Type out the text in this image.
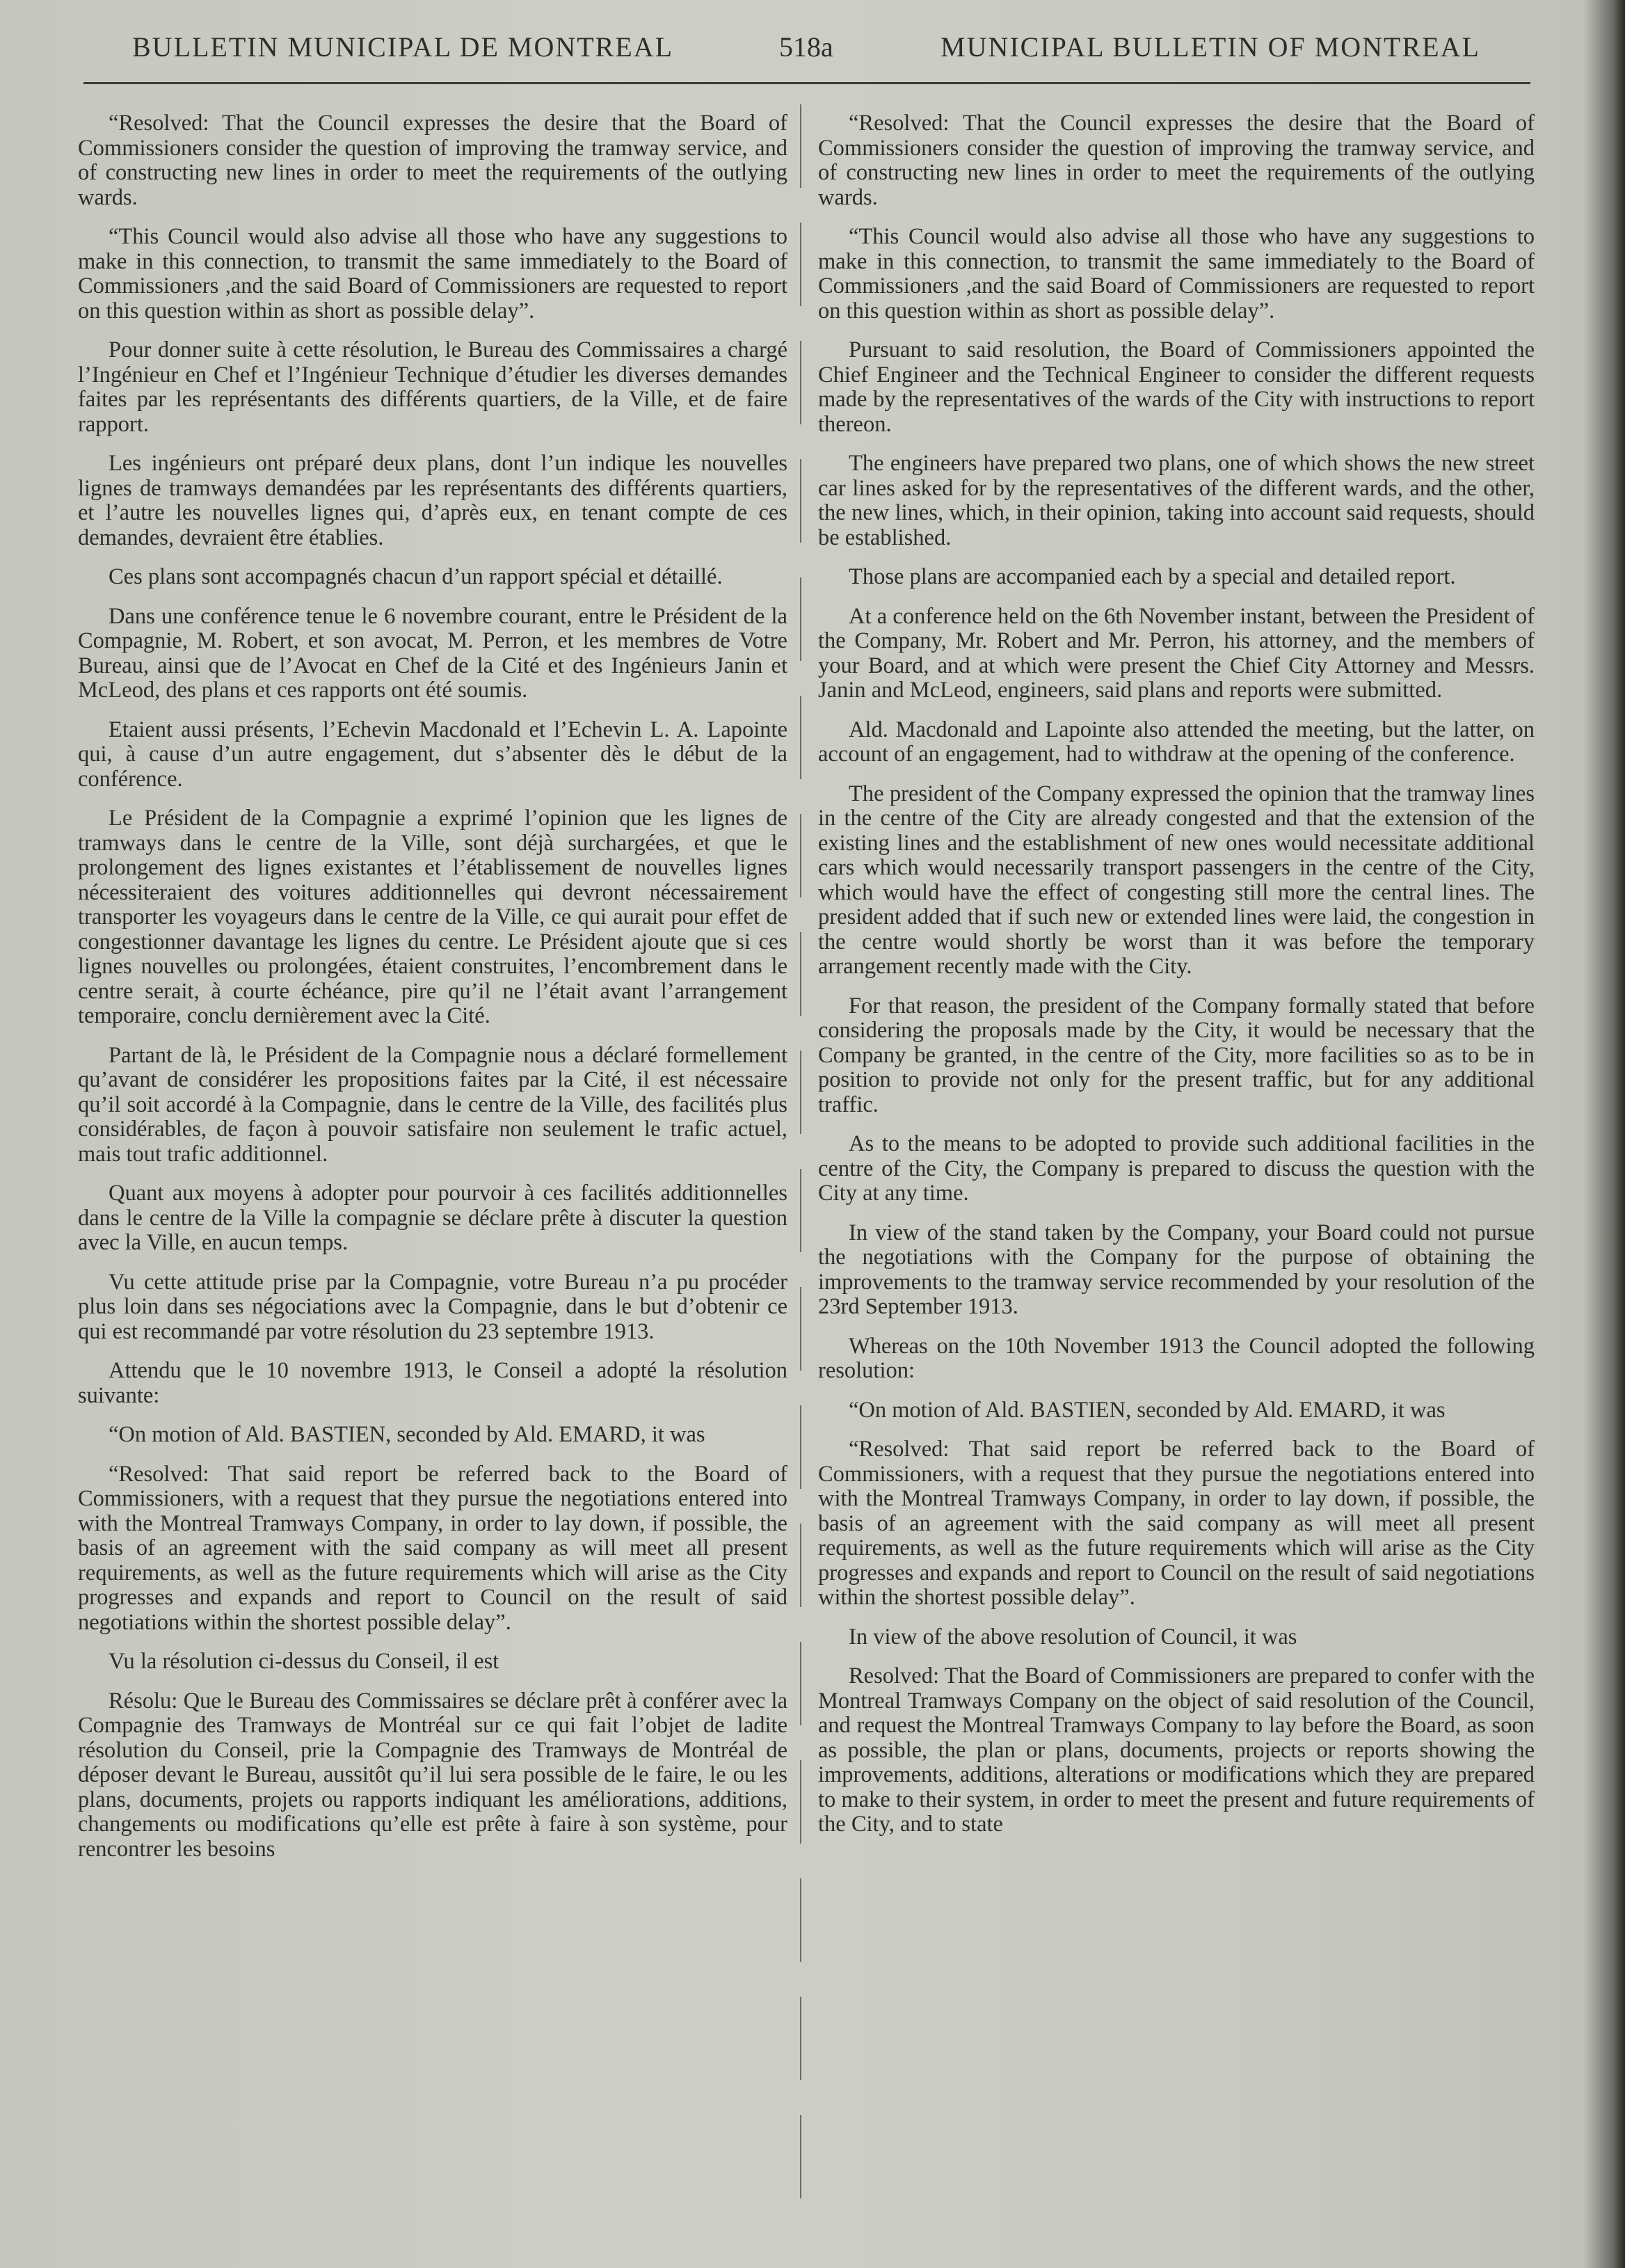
BULLETIN MUNICIPAL DE MONTREAL	518a	MUNICIPAL BULLETIN OF MONTREAL

“Resolved: That the Council expresses the desire that the Board of Commissioners consider the question of improving the tramway service, and of constructing new lines in order to meet the requirements of the outlying wards.

“This Council would also advise all those who have any suggestions to make in this connection, to transmit the same immediately to the Board of Commissioners ,and the said Board of Commissioners are requested to report on this question within as short as possible delay”.

Pour donner suite à cette résolution, le Bureau des Commissaires a chargé l’Ingénieur en Chef et l’Ingénieur Technique d’étudier les diverses demandes faites par les représentants des différents quartiers, de la Ville, et de faire rapport.

Les ingénieurs ont préparé deux plans, dont l’un indique les nouvelles lignes de tramways demandées par les représentants des différents quartiers, et l’autre les nouvelles lignes qui, d’après eux, en tenant compte de ces demandes, devraient être établies.

Ces plans sont accompagnés chacun d’un rapport spécial et détaillé.

Dans une conférence tenue le 6 novembre courant, entre le Président de la Compagnie, M. Robert, et son avocat, M. Perron, et les membres de Votre Bureau, ainsi que de l’Avocat en Chef de la Cité et des Ingénieurs Janin et McLeod, des plans et ces rapports ont été soumis.

Etaient aussi présents, l’Echevin Macdonald et l’Echevin L. A. Lapointe qui, à cause d’un autre engagement, dut s’absenter dès le début de la conférence.

Le Président de la Compagnie a exprimé l’opinion que les lignes de tramways dans le centre de la Ville, sont déjà surchargées, et que le prolongement des lignes existantes et l’établissement de nouvelles lignes nécessiteraient des voitures additionnelles qui devront nécessairement transporter les voyageurs dans le centre de la Ville, ce qui aurait pour effet de congestionner davantage les lignes du centre. Le Président ajoute que si ces lignes nouvelles ou prolongées, étaient construites, l’encombrement dans le centre serait, à courte échéance, pire qu’il ne l’était avant l’arrangement temporaire, conclu dernièrement avec la Cité.

Partant de là, le Président de la Compagnie nous a déclaré formellement qu’avant de considérer les propositions faites par la Cité, il est nécessaire qu’il soit accordé à la Compagnie, dans le centre de la Ville, des facilités plus considérables, de façon à pouvoir satisfaire non seulement le trafic actuel, mais tout trafic additionnel.

Quant aux moyens à adopter pour pourvoir à ces facilités additionnelles dans le centre de la Ville la compagnie se déclare prête à discuter la question avec la Ville, en aucun temps.

Vu cette attitude prise par la Compagnie, votre Bureau n’a pu procéder plus loin dans ses négociations avec la Compagnie, dans le but d’obtenir ce qui est recommandé par votre résolution du 23 septembre 1913.

Attendu que le 10 novembre 1913, le Conseil a adopté la résolution suivante:

“On motion of Ald. BASTIEN, seconded by Ald. EMARD, it was

“Resolved: That said report be referred back to the Board of Commissioners, with a request that they pursue the negotiations entered into with the Montreal Tramways Company, in order to lay down, if possible, the basis of an agreement with the said company as will meet all present requirements, as well as the future requirements which will arise as the City progresses and expands and report to Council on the result of said negotiations within the shortest possible delay”.

Vu la résolution ci-dessus du Conseil, il est

Résolu: Que le Bureau des Commissaires se déclare prêt à conférer avec la Compagnie des Tramways de Montréal sur ce qui fait l’objet de ladite résolution du Conseil, prie la Compagnie des Tramways de Montréal de déposer devant le Bureau, aussitôt qu’il lui sera possible de le faire, le ou les plans, documents, projets ou rapports indiquant les améliorations, additions, changements ou modifications qu’elle est prête à faire à son système, pour rencontrer les besoins

“Resolved: That the Council expresses the desire that the Board of Commissioners consider the question of improving the tramway service, and of constructing new lines in order to meet the requirements of the outlying wards.

“This Council would also advise all those who have any suggestions to make in this connection, to transmit the same immediately to the Board of Commissioners ,and the said Board of Commissioners are requested to report on this question within as short as possible delay”.

Pursuant to said resolution, the Board of Commissioners appointed the Chief Engineer and the Technical Engineer to consider the different requests made by the representatives of the wards of the City with instructions to report thereon.

The engineers have prepared two plans, one of which shows the new street car lines asked for by the representatives of the different wards, and the other, the new lines, which, in their opinion, taking into account said requests, should be established.

Those plans are accompanied each by a special and detailed report.

At a conference held on the 6th November instant, between the President of the Company, Mr. Robert and Mr. Perron, his attorney, and the members of your Board, and at which were present the Chief City Attorney and Messrs. Janin and McLeod, engineers, said plans and reports were submitted.

Ald. Macdonald and Lapointe also attended the meeting, but the latter, on account of an engagement, had to withdraw at the opening of the conference.

The president of the Company expressed the opinion that the tramway lines in the centre of the City are already congested and that the extension of the existing lines and the establishment of new ones would necessitate additional cars which would necessarily transport passengers in the centre of the City, which would have the effect of congesting still more the central lines. The president added that if such new or extended lines were laid, the congestion in the centre would shortly be worst than it was before the temporary arrangement recently made with the City.

For that reason, the president of the Company formally stated that before considering the proposals made by the City, it would be necessary that the Company be granted, in the centre of the City, more facilities so as to be in position to provide not only for the present traffic, but for any additional traffic.

As to the means to be adopted to provide such additional facilities in the centre of the City, the Company is prepared to discuss the question with the City at any time.

In view of the stand taken by the Company, your Board could not pursue the negotiations with the Company for the purpose of obtaining the improvements to the tramway service recommended by your resolution of the 23rd September 1913.

Whereas on the 10th November 1913 the Council adopted the following resolution:

“On motion of Ald. BASTIEN, seconded by Ald. EMARD, it was

“Resolved: That said report be referred back to the Board of Commissioners, with a request that they pursue the negotiations entered into with the Montreal Tramways Company, in order to lay down, if possible, the basis of an agreement with the said company as will meet all present requirements, as well as the future requirements which will arise as the City progresses and expands and report to Council on the result of said negotiations within the shortest possible delay”.

In view of the above resolution of Council, it was

Resolved: That the Board of Commissioners are prepared to confer with the Montreal Tramways Company on the object of said resolution of the Council, and request the Montreal Tramways Company to lay before the Board, as soon as possible, the plan or plans, documents, projects or reports showing the improvements, additions, alterations or modifications which they are prepared to make to their system, in order to meet the present and future requirements of the City, and to state
